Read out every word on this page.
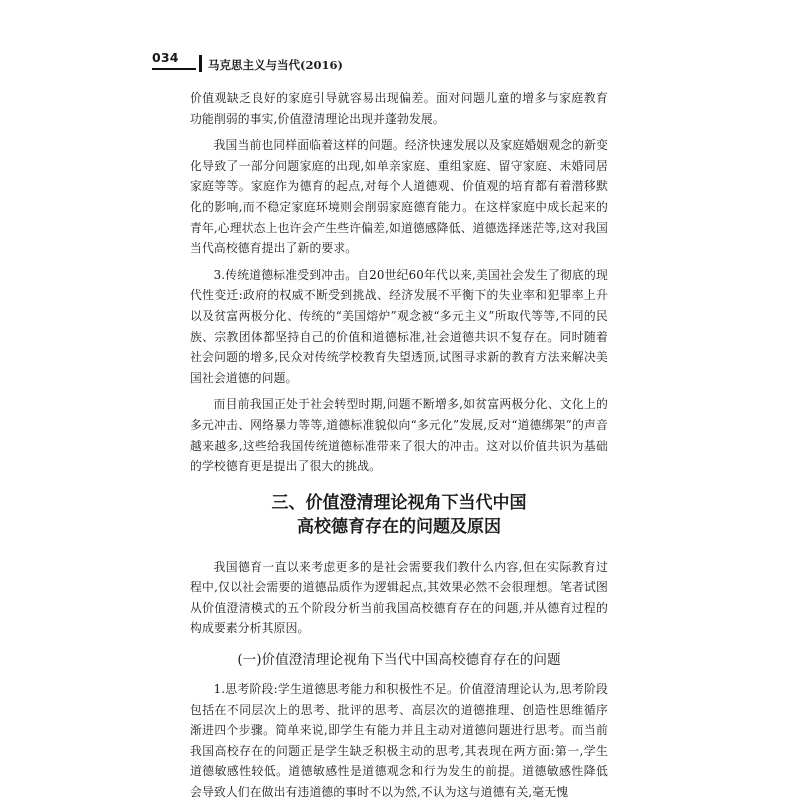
034	马克思主义与当代(2016)

价值观缺乏良好的家庭引导就容易出现偏差。面对问题儿童的增多与家庭教育功能削弱的事实,价值澄清理论出现并蓬勃发展。

我国当前也同样面临着这样的问题。经济快速发展以及家庭婚姻观念的新变化导致了一部分问题家庭的出现,如单亲家庭、重组家庭、留守家庭、未婚同居家庭等等。家庭作为德育的起点,对每个人道德观、价值观的培育都有着潜移默化的影响,而不稳定家庭环境则会削弱家庭德育能力。在这样家庭中成长起来的青年,心理状态上也许会产生些许偏差,如道德感降低、道德选择迷茫等,这对我国当代高校德育提出了新的要求。

3.传统道德标准受到冲击。自20世纪60年代以来,美国社会发生了彻底的现代性变迁:政府的权威不断受到挑战、经济发展不平衡下的失业率和犯罪率上升以及贫富两极分化、传统的“美国熔炉”观念被“多元主义”所取代等等,不同的民族、宗教团体都坚持自己的价值和道德标准,社会道德共识不复存在。同时随着社会问题的增多,民众对传统学校教育失望透顶,试图寻求新的教育方法来解决美国社会道德的问题。

而目前我国正处于社会转型时期,问题不断增多,如贫富两极分化、文化上的多元冲击、网络暴力等等,道德标准貌似向“多元化”发展,反对“道德绑架”的声音越来越多,这些给我国传统道德标准带来了很大的冲击。这对以价值共识为基础的学校德育更是提出了很大的挑战。

三、价值澄清理论视角下当代中国
高校德育存在的问题及原因

我国德育一直以来考虑更多的是社会需要我们教什么内容,但在实际教育过程中,仅以社会需要的道德品质作为逻辑起点,其效果必然不会很理想。笔者试图从价值澄清模式的五个阶段分析当前我国高校德育存在的问题,并从德育过程的构成要素分析其原因。

(一)价值澄清理论视角下当代中国高校德育存在的问题

1.思考阶段:学生道德思考能力和积极性不足。价值澄清理论认为,思考阶段包括在不同层次上的思考、批评的思考、高层次的道德推理、创造性思维循序渐进四个步骤。简单来说,即学生有能力并且主动对道德问题进行思考。而当前我国高校存在的问题正是学生缺乏积极主动的思考,其表现在两方面:第一,学生道德敏感性较低。道德敏感性是道德观念和行为发生的前提。道德敏感性降低会导致人们在做出有违道德的事时不以为然,不认为这与道德有关,毫无愧
